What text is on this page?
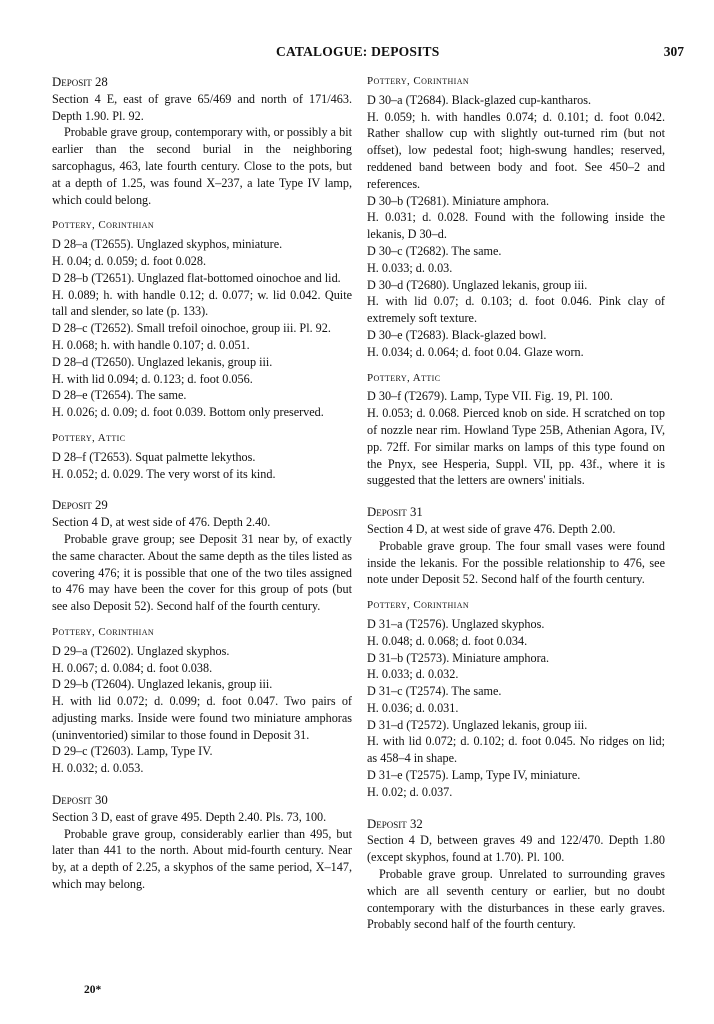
CATALOGUE: DEPOSITS	307

Deposit 28

Section 4 E, east of grave 65/469 and north of 171/463. Depth 1.90. Pl. 92.

Probable grave group, contemporary with, or possibly a bit earlier than the second burial in the neighboring sarcophagus, 463, late fourth century. Close to the pots, but at a depth of 1.25, was found X–237, a late Type IV lamp, which could belong.

Pottery, Corinthian

D 28–a (T2655). Unglazed skyphos, miniature.

H. 0.04; d. 0.059; d. foot 0.028.

D 28–b (T2651). Unglazed flat-bottomed oinochoe and lid.

H. 0.089; h. with handle 0.12; d. 0.077; w. lid 0.042. Quite tall and slender, so late (p. 133).

D 28–c (T2652). Small trefoil oinochoe, group iii. Pl. 92.

H. 0.068; h. with handle 0.107; d. 0.051.

D 28–d (T2650). Unglazed lekanis, group iii.

H. with lid 0.094; d. 0.123; d. foot 0.056.

D 28–e (T2654). The same.

H. 0.026; d. 0.09; d. foot 0.039. Bottom only preserved.

Pottery, Attic

D 28–f (T2653). Squat palmette lekythos.

H. 0.052; d. 0.029. The very worst of its kind.

Deposit 29

Section 4 D, at west side of 476. Depth 2.40.

Probable grave group; see Deposit 31 near by, of exactly the same character. About the same depth as the tiles listed as covering 476; it is possible that one of the two tiles assigned to 476 may have been the cover for this group of pots (but see also Deposit 52). Second half of the fourth century.

Pottery, Corinthian

D 29–a (T2602). Unglazed skyphos.

H. 0.067; d. 0.084; d. foot 0.038.

D 29–b (T2604). Unglazed lekanis, group iii.

H. with lid 0.072; d. 0.099; d. foot 0.047. Two pairs of adjusting marks. Inside were found two miniature amphoras (uninventoried) similar to those found in Deposit 31.

D 29–c (T2603). Lamp, Type IV.

H. 0.032; d. 0.053.

Deposit 30

Section 3 D, east of grave 495. Depth 2.40. Pls. 73, 100.

Probable grave group, considerably earlier than 495, but later than 441 to the north. About mid-fourth century. Near by, at a depth of 2.25, a skyphos of the same period, X–147, which may belong.

Pottery, Corinthian

D 30–a (T2684). Black-glazed cup-kantharos.

H. 0.059; h. with handles 0.074; d. 0.101; d. foot 0.042. Rather shallow cup with slightly out-turned rim (but not offset), low pedestal foot; high-swung handles; reserved, reddened band between body and foot. See 450–2 and references.

D 30–b (T2681). Miniature amphora.

H. 0.031; d. 0.028. Found with the following inside the lekanis, D 30–d.

D 30–c (T2682). The same.

H. 0.033; d. 0.03.

D 30–d (T2680). Unglazed lekanis, group iii.

H. with lid 0.07; d. 0.103; d. foot 0.046. Pink clay of extremely soft texture.

D 30–e (T2683). Black-glazed bowl.

H. 0.034; d. 0.064; d. foot 0.04. Glaze worn.

Pottery, Attic

D 30–f (T2679). Lamp, Type VII. Fig. 19, Pl. 100.

H. 0.053; d. 0.068. Pierced knob on side. H scratched on top of nozzle near rim. Howland Type 25B, Athenian Agora, IV, pp. 72ff. For similar marks on lamps of this type found on the Pnyx, see Hesperia, Suppl. VII, pp. 43f., where it is suggested that the letters are owners' initials.

Deposit 31

Section 4 D, at west side of grave 476. Depth 2.00.

Probable grave group. The four small vases were found inside the lekanis. For the possible relationship to 476, see note under Deposit 52. Second half of the fourth century.

Pottery, Corinthian

D 31–a (T2576). Unglazed skyphos.

H. 0.048; d. 0.068; d. foot 0.034.

D 31–b (T2573). Miniature amphora.

H. 0.033; d. 0.032.

D 31–c (T2574). The same.

H. 0.036; d. 0.031.

D 31–d (T2572). Unglazed lekanis, group iii.

H. with lid 0.072; d. 0.102; d. foot 0.045. No ridges on lid; as 458–4 in shape.

D 31–e (T2575). Lamp, Type IV, miniature.

H. 0.02; d. 0.037.

Deposit 32

Section 4 D, between graves 49 and 122/470. Depth 1.80 (except skyphos, found at 1.70). Pl. 100.

Probable grave group. Unrelated to surrounding graves which are all seventh century or earlier, but no doubt contemporary with the disturbances in these early graves. Probably second half of the fourth century.

20*
